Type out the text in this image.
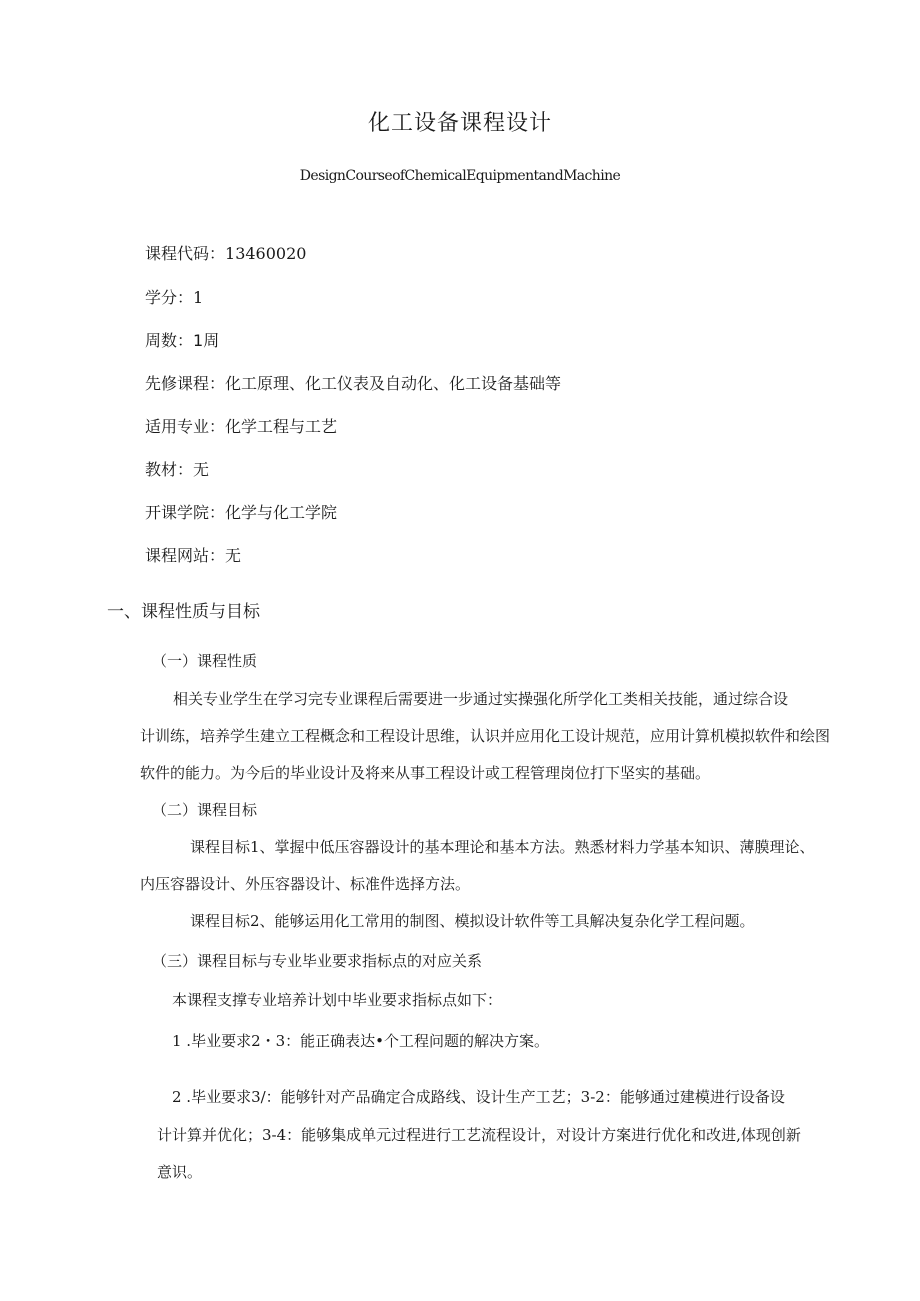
化工设备课程设计
DesignCourseofChemicalEquipmentandMachine
课程代码：13460020
学分：1
周数：1周
先修课程：化工原理、化工仪表及自动化、化工设备基础等
适用专业：化学工程与工艺
教材：无
开课学院：化学与化工学院
课程网站：无
一、课程性质与目标
（一）课程性质
相关专业学生在学习完专业课程后需要进一步通过实操强化所学化工类相关技能，通过综合设
计训练，培养学生建立工程概念和工程设计思维，认识并应用化工设计规范，应用计算机模拟软件和绘图
软件的能力。为今后的毕业设计及将来从事工程设计或工程管理岗位打下坚实的基础。
（二）课程目标
课程目标1、掌握中低压容器设计的基本理论和基本方法。熟悉材料力学基本知识、薄膜理论、
内压容器设计、外压容器设计、标准件选择方法。
课程目标2、能够运用化工常用的制图、模拟设计软件等工具解决复杂化学工程问题。
（三）课程目标与专业毕业要求指标点的对应关系
本课程支撑专业培养计划中毕业要求指标点如下：
1 .毕业要求2・3：能正确表达•个工程问题的解决方案。
2 .毕业要求3/：能够针对产品确定合成路线、设计生产工艺；3-2：能够通过建模进行设备设
计计算并优化；3-4：能够集成单元过程进行工艺流程设计，对设计方案进行优化和改进,体现创新
意识。
